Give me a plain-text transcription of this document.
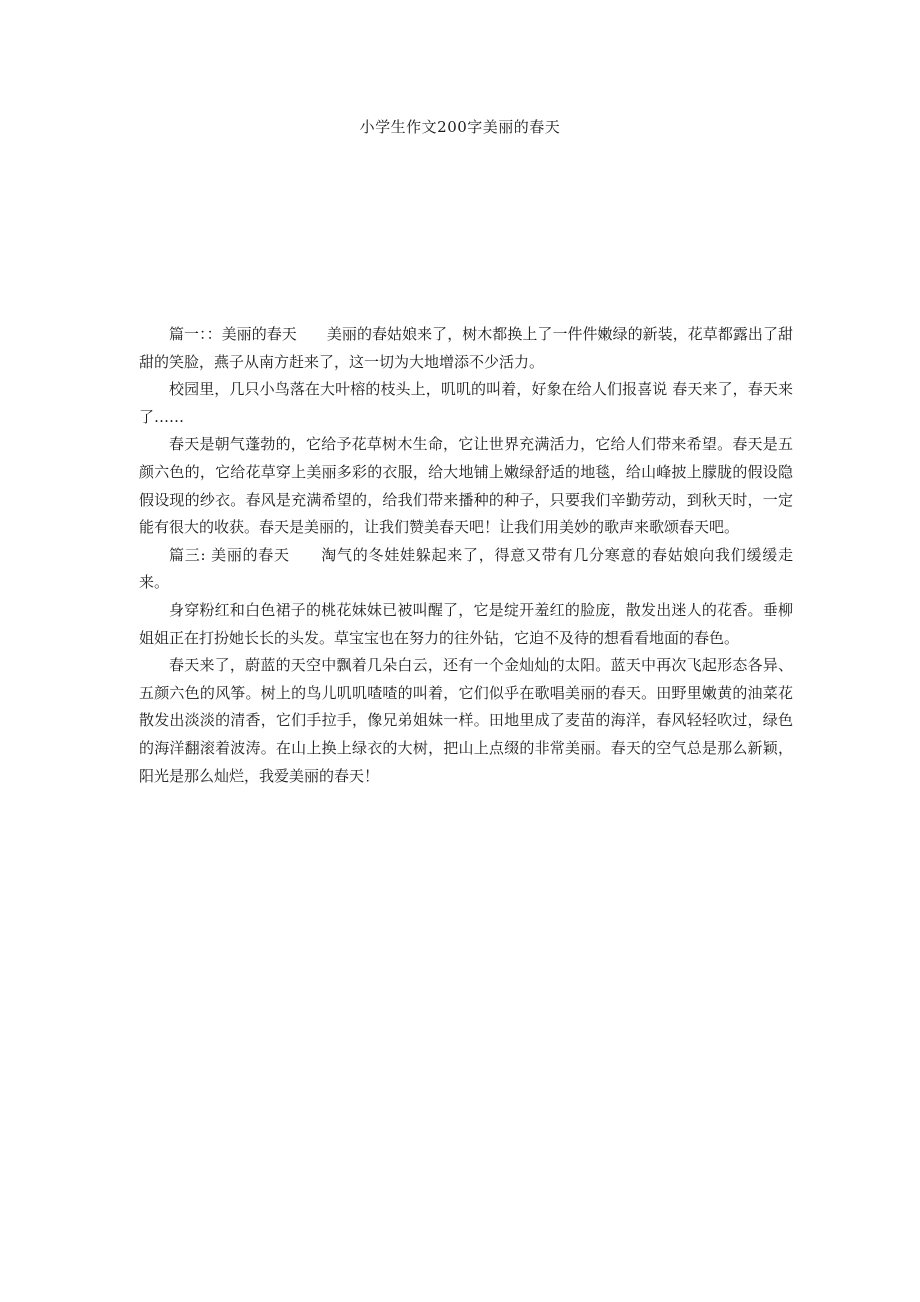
小学生作文200字美丽的春天

篇一：：美丽的春天　　美丽的春姑娘来了，树木都换上了一件件嫩绿的新装，花草都露出了甜甜的笑脸，燕子从南方赶来了，这一切为大地增添不少活力。

校园里，几只小鸟落在大叶榕的枝头上，叽叽的叫着，好象在给人们报喜说 春天来了，春天来了……

春天是朝气蓬勃的，它给予花草树木生命，它让世界充满活力，它给人们带来希望。春天是五颜六色的，它给花草穿上美丽多彩的衣服，给大地铺上嫩绿舒适的地毯，给山峰披上朦胧的假设隐假设现的纱衣。春风是充满希望的，给我们带来播种的种子，只要我们辛勤劳动，到秋天时，一定能有很大的收获。春天是美丽的，让我们赞美春天吧！让我们用美妙的歌声来歌颂春天吧。

篇三: 美丽的春天　　淘气的冬娃娃躲起来了，得意又带有几分寒意的春姑娘向我们缓缓走来。

身穿粉红和白色裙子的桃花妹妹已被叫醒了，它是绽开羞红的脸庞，散发出迷人的花香。垂柳姐姐正在打扮她长长的头发。草宝宝也在努力的往外钻，它迫不及待的想看看地面的春色。

春天来了，蔚蓝的天空中飘着几朵白云，还有一个金灿灿的太阳。蓝天中再次飞起形态各异、五颜六色的风筝。树上的鸟儿叽叽喳喳的叫着，它们似乎在歌唱美丽的春天。田野里嫩黄的油菜花散发出淡淡的清香，它们手拉手，像兄弟姐妹一样。田地里成了麦苗的海洋，春风轻轻吹过，绿色的海洋翻滚着波涛。在山上换上绿衣的大树，把山上点缀的非常美丽。春天的空气总是那么新颖，阳光是那么灿烂，我爱美丽的春天！
